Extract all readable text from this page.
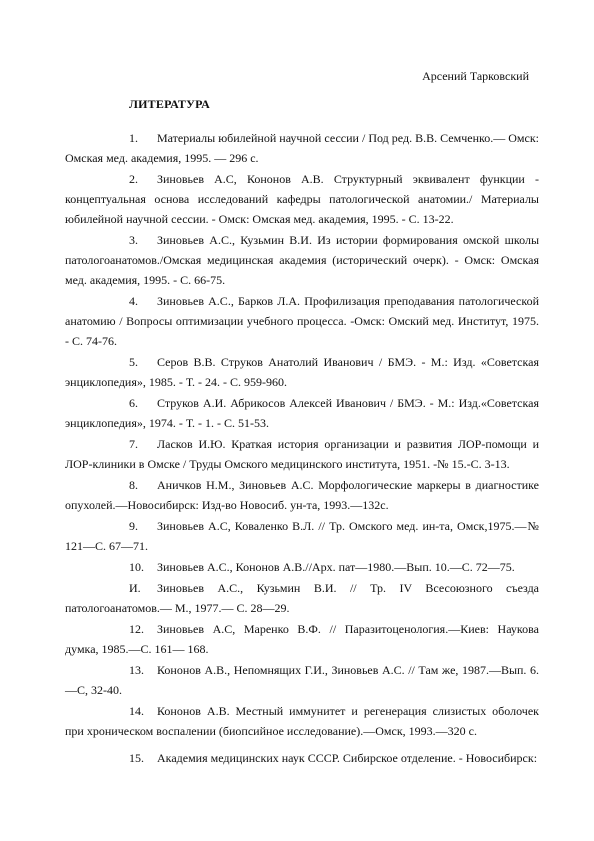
Арсений Тарковский
ЛИТЕРАТУРА

1. Материалы юбилейной научной сессии / Под ред. В.В. Семченко.— Омск: Омская мед. академия, 1995. — 296 с.

2. Зиновьев А.С, Кононов А.В. Структурный эквивалент функции - концептуальная основа исследований кафедры патологической анатомии./ Материалы юбилейной научной сессии. - Омск: Омская мед. академия, 1995. - С. 13-22.

3. Зиновьев А.С., Кузьмин В.И. Из истории формирования омской школы патологоанатомов./Омская медицинская академия (исторический очерк). - Омск: Омская мед. академия, 1995. - С. 66-75.

4. Зиновьев А.С., Барков Л.А. Профилизация преподавания патологической анатомию / Вопросы оптимизации учебного процесса. -Омск: Омский мед. Институт, 1975. - С. 74-76.

5. Серов В.В. Струков Анатолий Иванович / БМЭ. - М.: Изд. «Советская энциклопедия», 1985. - Т. - 24. - С. 959-960.

6. Струков А.И. Абрикосов Алексей Иванович / БМЭ. - М.: Изд.«Советская энциклопедия», 1974. - Т. - 1. - С. 51-53.

7. Ласков И.Ю. Краткая история организации и развития ЛОР-помощи и ЛОР-клиники в Омске / Труды Омского медицинского института, 1951. -№ 15.-С. 3-13.

8. Аничков Н.М., Зиновьев А.С. Морфологические маркеры в диагностике опухолей.—Новосибирск: Изд-во Новосиб. ун-та, 1993.—132с.

9. Зиновьев А.С, Коваленко В.Л. // Тр. Омского мед. ин-та, Омск,1975.—№ 121—С. 67—71.

10. Зиновьев А.С., Кононов А.В.//Арх. пат—1980.—Вып. 10.—С. 72—75.

И. Зиновьев А.С., Кузьмин В.И. // Тр. IV Всесоюзного съезда патологоанатомов.— М., 1977.— С. 28—29.

12. Зиновьев А.С, Маренко В.Ф. // Паразитоценология.—Киев: Наукова думка, 1985.—С. 161— 168.

13. Кононов А.В., Непомнящих Г.И., Зиновьев А.С. // Там же, 1987.—Вып. 6.—С, 32-40.

14. Кононов А.В. Местный иммунитет и регенерация слизистых оболочек при хроническом воспалении (биопсийное исследование).—Омск, 1993.—320 с.

15. Академия медицинских наук СССР. Сибирское отделение. - Новосибирск:
